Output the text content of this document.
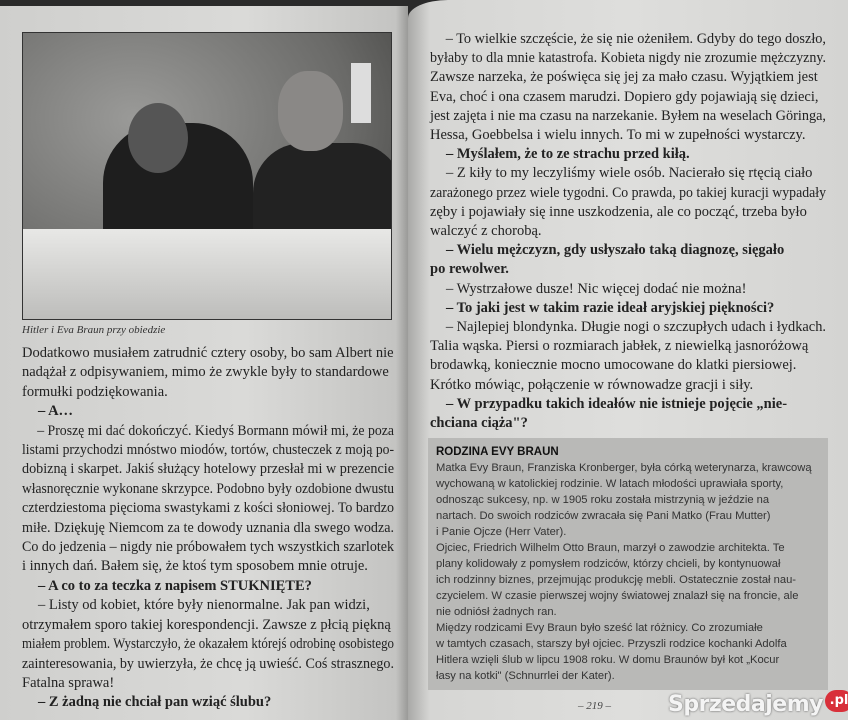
Hitler i Eva Braun przy obiedzie
Dodatkowo musiałem zatrudnić cztery osoby, bo sam Albert nie
nadążał z odpisywaniem, mimo że zwykle były to standardowe
formułki podziękowania.
– A…
– Proszę mi dać dokończyć. Kiedyś Bormann mówił mi, że poza
listami przychodzi mnóstwo miodów, tortów, chusteczek z moją po-
dobizną i skarpet. Jakiś służący hotelowy przesłał mi w prezencie
własnoręcznie wykonane skrzypce. Podobno były ozdobione dwustu
czterdziestoma pięcioma swastykami z kości słoniowej. To bardzo
miłe. Dziękuję Niemcom za te dowody uznania dla swego wodza.
Co do jedzenia – nigdy nie próbowałem tych wszystkich szarlotek
i innych dań. Bałem się, że ktoś tym sposobem mnie otruje.
– A co to za teczka z napisem STUKNIĘTE?
– Listy od kobiet, które były nienormalne. Jak pan widzi,
otrzymałem sporo takiej korespondencji. Zawsze z płcią piękną
miałem problem. Wystarczyło, że okazałem którejś odrobinę osobistego
zainteresowania, by uwierzyła, że chcę ją uwieść. Coś strasznego.
Fatalna sprawa!
– Z żadną nie chciał pan wziąć ślubu?
– To wielkie szczęście, że się nie ożeniłem. Gdyby do tego doszło,
byłaby to dla mnie katastrofa. Kobieta nigdy nie zrozumie mężczyzny.
Zawsze narzeka, że poświęca się jej za mało czasu. Wyjątkiem jest
Eva, choć i ona czasem marudzi. Dopiero gdy pojawiają się dzieci,
jest zajęta i nie ma czasu na narzekanie. Byłem na weselach Göringa,
Hessa, Goebbelsa i wielu innych. To mi w zupełności wystarczy.
– Myślałem, że to ze strachu przed kiłą.
– Z kiły to my leczyliśmy wiele osób. Nacierało się rtęcią ciało
zarażonego przez wiele tygodni. Co prawda, po takiej kuracji wypadały
zęby i pojawiały się inne uszkodzenia, ale co począć, trzeba było
walczyć z chorobą.
– Wielu mężczyzn, gdy usłyszało taką diagnozę, sięgało
po rewolwer.
– Wystrzałowe dusze! Nic więcej dodać nie można!
– To jaki jest w takim razie ideał aryjskiej piękności?
– Najlepiej blondynka. Długie nogi o szczupłych udach i łydkach.
Talia wąska. Piersi o rozmiarach jabłek, z niewielką jasnoróżową
brodawką, koniecznie mocno umocowane do klatki piersiowej.
Krótko mówiąc, połączenie w równowadze gracji i siły.
– W przypadku takich ideałów nie istnieje pojęcie „nie-
chciana ciąża"?
RODZINA EVY BRAUN
Matka Evy Braun, Franziska Kronberger, była córką weterynarza, krawcową
wychowaną w katolickiej rodzinie. W latach młodości uprawiała sporty,
odnosząc sukcesy, np. w 1905 roku została mistrzynią w jeździe na
nartach. Do swoich rodziców zwracała się Pani Matko (Frau Mutter)
i Panie Ojcze (Herr Vater).
Ojciec, Friedrich Wilhelm Otto Braun, marzył o zawodzie architekta. Te
plany kolidowały z pomysłem rodziców, którzy chcieli, by kontynuował
ich rodzinny biznes, przejmując produkcję mebli. Ostatecznie został nau-
czycielem. W czasie pierwszej wojny światowej znalazł się na froncie, ale
nie odniósł żadnych ran.
Między rodzicami Evy Braun było sześć lat różnicy. Co zrozumiałe
w tamtych czasach, starszy był ojciec. Przyszli rodzice kochanki Adolfa
Hitlera wzięli ślub w lipcu 1908 roku. W domu Braunów był kot „Kocur
łasy na kotki" (Schnurrlei der Kater).
– 219 –	Sprzedajemy .pl
